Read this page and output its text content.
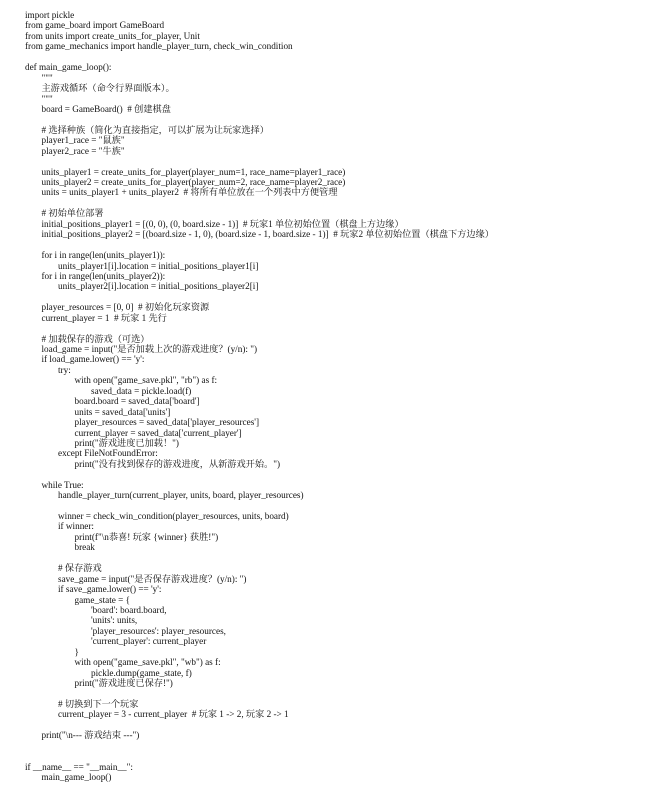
import pickle
from game_board import GameBoard
from units import create_units_for_player, Unit
from game_mechanics import handle_player_turn, check_win_condition
def main_game_loop():
"""
主游戏循环（命令行界面版本）。
"""
board = GameBoard()  # 创建棋盘
# 选择种族（简化为直接指定，可以扩展为让玩家选择）
player1_race = "鼠族"
player2_race = "牛族"
units_player1 = create_units_for_player(player_num=1, race_name=player1_race)
units_player2 = create_units_for_player(player_num=2, race_name=player2_race)
units = units_player1 + units_player2  # 将所有单位放在一个列表中方便管理
# 初始单位部署
initial_positions_player1 = [(0, 0), (0, board.size - 1)]  # 玩家1 单位初始位置（棋盘上方边缘）
initial_positions_player2 = [(board.size - 1, 0), (board.size - 1, board.size - 1)]  # 玩家2 单位初始位置（棋盘下方边缘）
for i in range(len(units_player1)):
units_player1[i].location = initial_positions_player1[i]
for i in range(len(units_player2)):
units_player2[i].location = initial_positions_player2[i]
player_resources = [0, 0]  # 初始化玩家资源
current_player = 1  # 玩家 1 先行
# 加载保存的游戏（可选）
load_game = input("是否加载上次的游戏进度？(y/n): ")
if load_game.lower() == 'y':
try:
with open("game_save.pkl", "rb") as f:
saved_data = pickle.load(f)
board.board = saved_data['board']
units = saved_data['units']
player_resources = saved_data['player_resources']
current_player = saved_data['current_player']
print("游戏进度已加载！")
except FileNotFoundError:
print("没有找到保存的游戏进度，从新游戏开始。")
while True:
handle_player_turn(current_player, units, board, player_resources)
winner = check_win_condition(player_resources, units, board)
if winner:
print(f"\n恭喜! 玩家 {winner} 获胜!")
break
# 保存游戏
save_game = input("是否保存游戏进度？(y/n): ")
if save_game.lower() == 'y':
game_state = {
'board': board.board,
'units': units,
'player_resources': player_resources,
'current_player': current_player
}
with open("game_save.pkl", "wb") as f:
pickle.dump(game_state, f)
print("游戏进度已保存!")
# 切换到下一个玩家
current_player = 3 - current_player  # 玩家 1 -> 2, 玩家 2 -> 1
print("\n--- 游戏结束 ---")
if __name__ == "__main__":
main_game_loop()
